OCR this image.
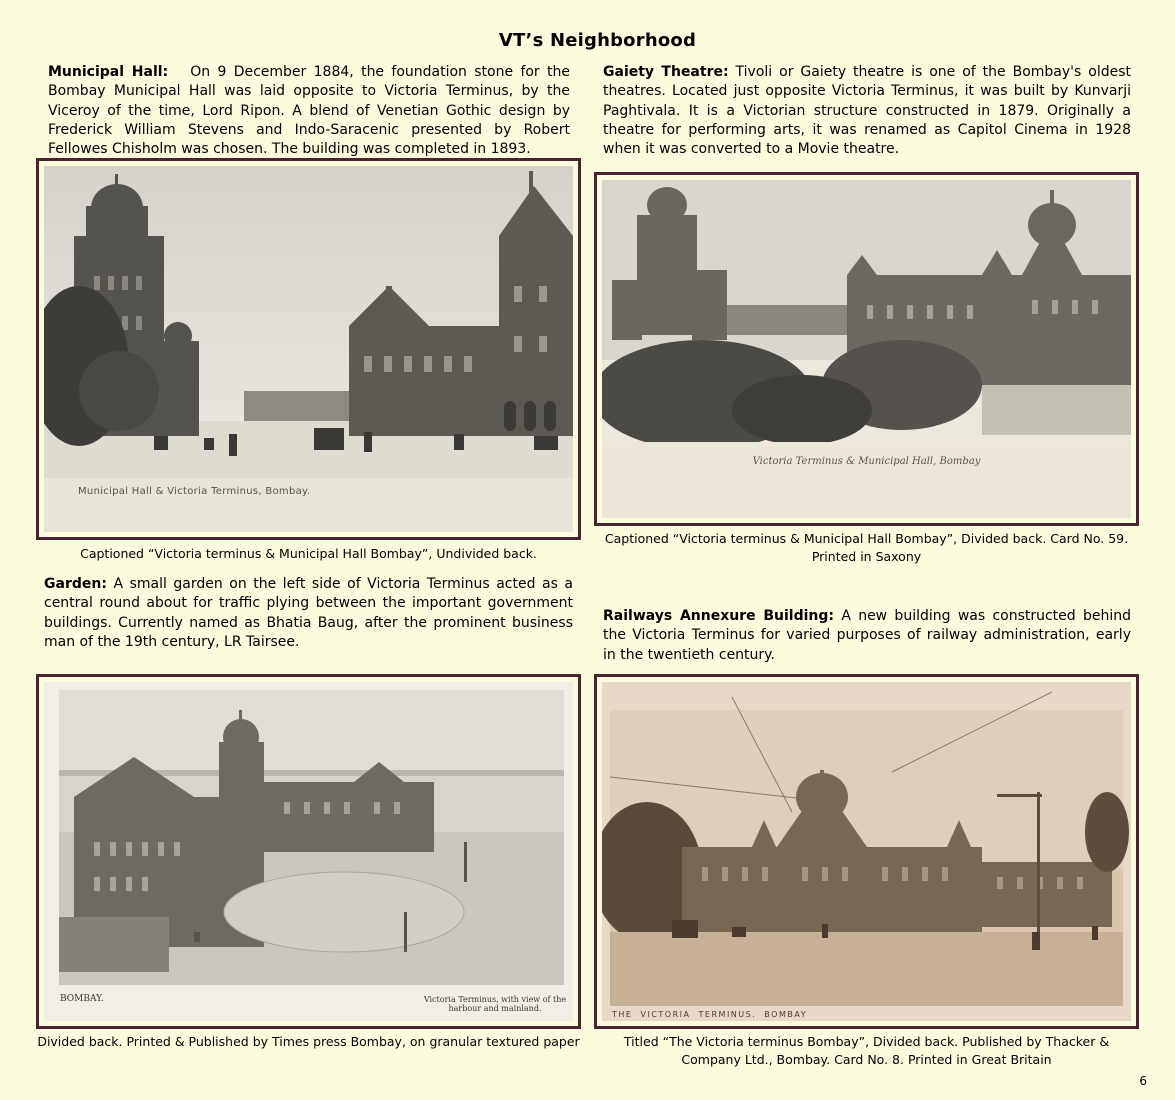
VT’s Neighborhood

Municipal Hall: On 9 December 1884, the foundation stone for the Bombay Municipal Hall was laid opposite to Victoria Terminus, by the Viceroy of the time, Lord Ripon. A blend of Venetian Gothic design by Frederick William Stevens and Indo-Saracenic presented by Robert Fellowes Chisholm was chosen. The building was completed in 1893.

Gaiety Theatre: Tivoli or Gaiety theatre is one of the Bombay's oldest theatres. Located just opposite Victoria Terminus, it was built by Kunvarji Paghtivala. It is a Victorian structure constructed in 1879. Originally a theatre for performing arts, it was renamed as Capitol Cinema in 1928 when it was converted to a Movie theatre.

Municipal Hall & Victoria Terminus, Bombay.
Captioned “Victoria terminus & Municipal Hall Bombay”, Undivided back.
Victoria Terminus & Municipal Hall, Bombay
Captioned “Victoria terminus & Municipal Hall Bombay”, Divided back. Card No. 59. Printed in Saxony

Garden: A small garden on the left side of Victoria Terminus acted as a central round about for traffic plying between the important government buildings. Currently named as Bhatia Baug, after the prominent business man of the 19th century, LR Tairsee.

Railways Annexure Building: A new building was constructed behind the Victoria Terminus for varied purposes of railway administration, early in the twentieth century.

BOMBAY.	Victoria Terminus, with view of the harbour and mainland.
Divided back. Printed & Published by Times press Bombay, on granular textured paper
THE VICTORIA TERMINUS. BOMBAY
Titled “The Victoria terminus Bombay”, Divided back. Published by Thacker & Company Ltd., Bombay. Card No. 8. Printed in Great Britain
6
